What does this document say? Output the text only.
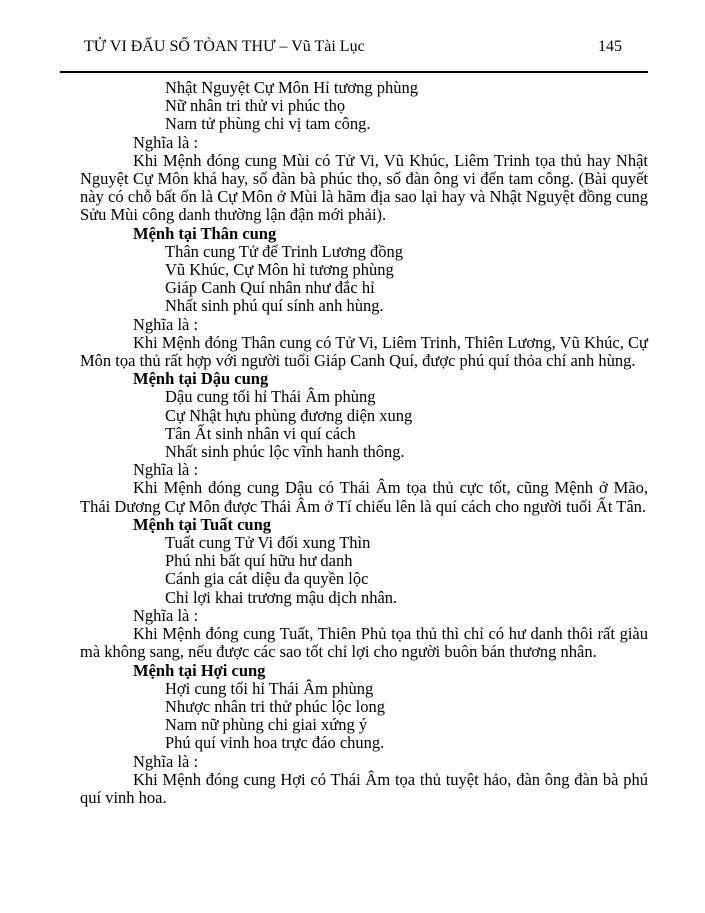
TỬ VI ĐẨU SỐ TÒAN THƯ – Vũ Tài Lục	145
Nhật Nguyệt Cự Môn Hỉ tương phùng
Nữ nhân tri thử vi phúc thọ
Nam tử phùng chi vị tam công.
Nghĩa là :
Khi Mệnh đóng cung Mùi có Tử Vi, Vũ Khúc, Liêm Trinh tọa thủ hay Nhật Nguyệt Cự Môn khá hay, số đàn bà phúc thọ, số đàn ông vi đến tam công. (Bài quyết này có chỗ bất ổn là Cự Môn ở Mùi là hãm địa sao lại hay và Nhật Nguyệt đồng cung Sửu Mùi công danh thường lận đận mới phải).
Mệnh tại Thân cung
Thân cung Tử đế Trinh Lương đồng
Vũ Khúc, Cự Môn hỉ tương phùng
Giáp Canh Quí nhân như đắc hỉ
Nhất sinh phú quí sính anh hùng.
Nghĩa là :
Khi Mệnh đóng Thân cung có Tử Vi, Liêm Trinh, Thiên Lương, Vũ Khúc, Cự Môn tọa thủ rất hợp với người tuổi Giáp Canh Quí, được phú quí thỏa chí anh hùng.
Mệnh tại Dậu cung
Dậu cung tối hỉ Thái Âm phùng
Cự Nhật hựu phùng đương diện xung
Tân Ất sinh nhân vi quí cách
Nhất sinh phúc lộc vĩnh hanh thông.
Nghĩa là :
Khi Mệnh đóng cung Dậu có Thái Âm tọa thủ cực tốt, cũng Mệnh ở Mão, Thái Dương Cự Môn được Thái Âm ở Tí chiếu lên là quí cách cho người tuổi Ất Tân.
Mệnh tại Tuất cung
Tuất cung Tử Vi đối xung Thìn
Phú nhi bất quí hữu hư danh
Cánh gia cát diệu đa quyền lộc
Chỉ lợi khai trương mậu dịch nhân.
Nghĩa là :
Khi Mệnh đóng cung Tuất, Thiên Phủ tọa thủ thì chỉ có hư danh thôi rất giàu mà không sang, nếu được các sao tốt chỉ lợi cho người buôn bán thương nhân.
Mệnh tại Hợi cung
Hợi cung tối hỉ Thái Âm phùng
Nhược nhân tri thử phúc lộc long
Nam nữ phùng chi giai xứng ý
Phú quí vinh hoa trực đáo chung.
Nghĩa là :
Khi Mệnh đóng cung Hợi có Thái Âm tọa thủ tuyệt hảo, đàn ông đàn bà phú quí vinh hoa.
